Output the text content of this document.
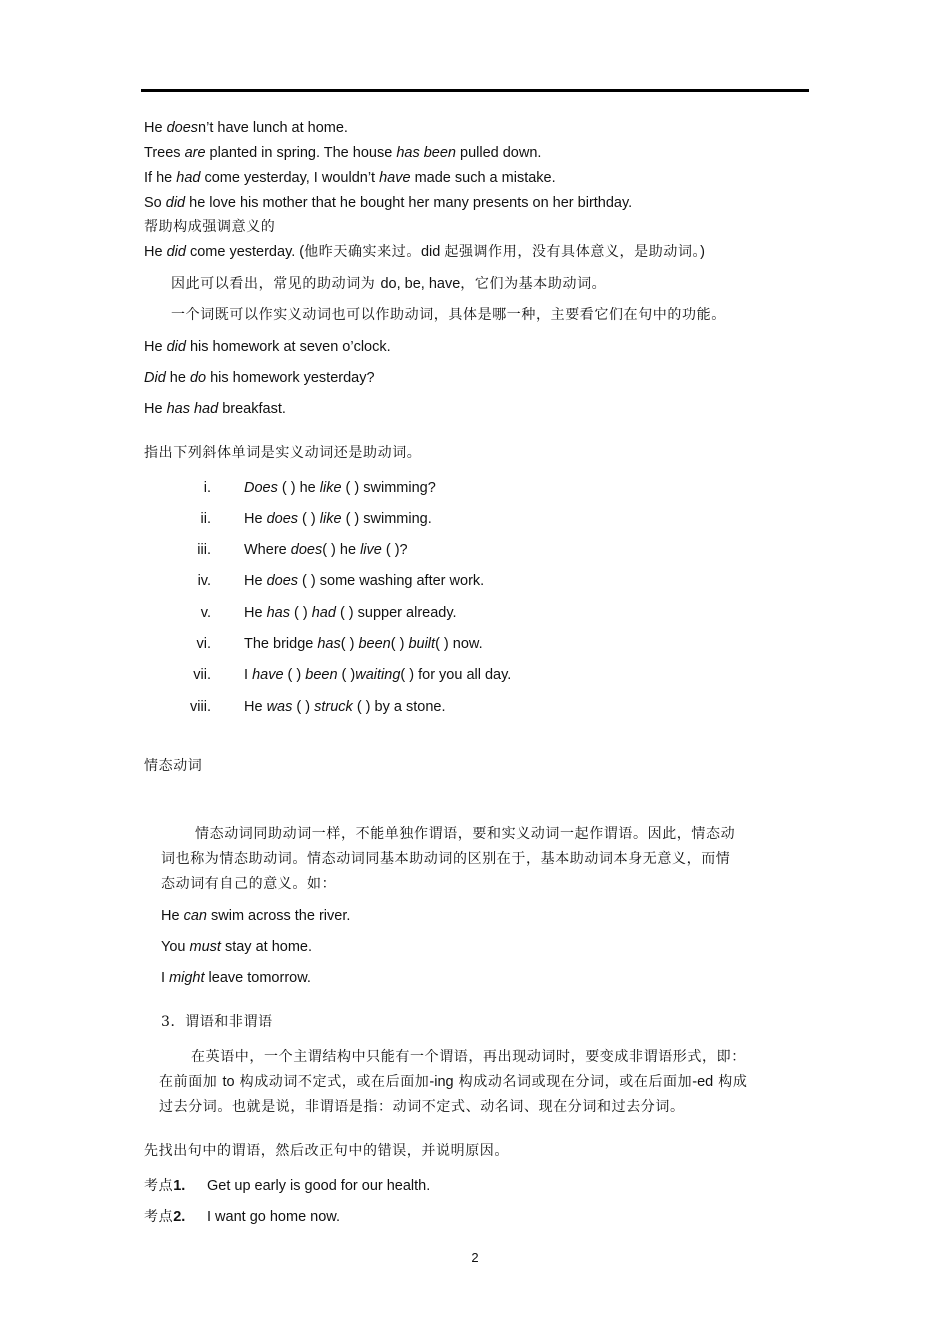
He doesn’t have lunch at home.
Trees are planted in spring. The house has been pulled down.
If he had come yesterday, I wouldn’t have made such a mistake.
So did he love his mother that he bought her many presents on her birthday.
帮助构成强调意义的
He did come yesterday. (他昨天确实来过。did 起强调作用，没有具体意义，是助动词。)
因此可以看出，常见的助动词为 do, be, have，它们为基本助动词。
一个词既可以作实义动词也可以作助动词，具体是哪一种，主要看它们在句中的功能。
He did his homework at seven o’clock.
Did he do his homework yesterday?
He has had breakfast.
指出下列斜体单词是实义动词还是助动词。
i. Does ( ) he like ( ) swimming?
ii. He does ( ) like ( ) swimming.
iii. Where does( ) he live ( )?
iv. He does ( ) some washing after work.
v. He has ( ) had ( ) supper already.
vi. The bridge has( ) been( ) built( ) now.
vii. I have ( ) been ( )waiting( ) for you all day.
viii. He was ( ) struck ( ) by a stone.
情态动词
情态动词同助动词一样，不能单独作谓语，要和实义动词一起作谓语。因此，情态动
词也称为情态助动词。情态动词同基本助动词的区别在于，基本助动词本身无意义，而情
态动词有自己的意义。如：
He can swim across the river.
You must stay at home.
I might leave tomorrow.
3．谓语和非谓语
在英语中，一个主谓结构中只能有一个谓语，再出现动词时，要变成非谓语形式，即：
在前面加 to 构成动词不定式，或在后面加-ing 构成动名词或现在分词，或在后面加-ed 构成
过去分词。也就是说，非谓语是指：动词不定式、动名词、现在分词和过去分词。
先找出句中的谓语，然后改正句中的错误，并说明原因。
考点1. Get up early is good for our health.
考点2. I want go home now.
2
